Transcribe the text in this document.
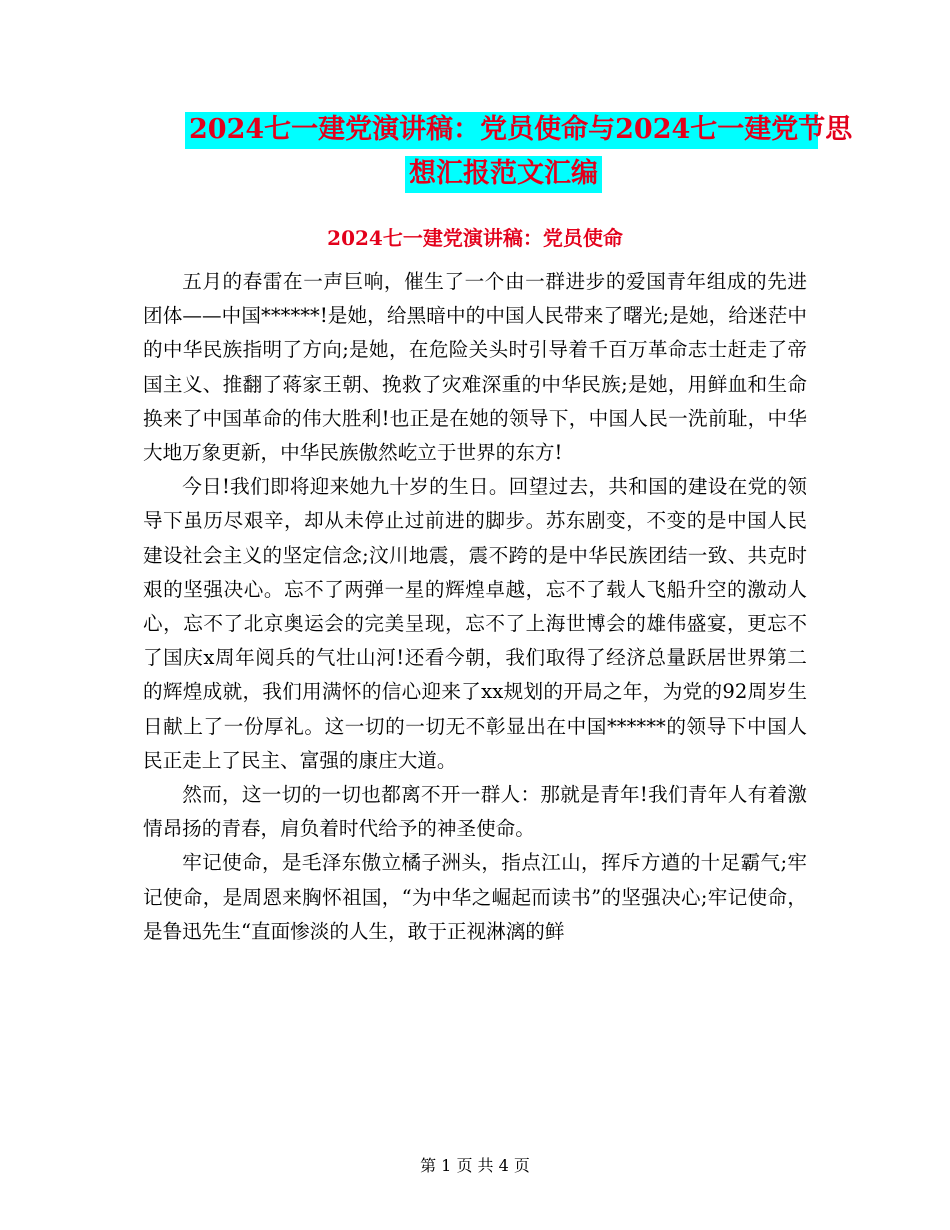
2024七一建党演讲稿：党员使命与2024七一建党节思
想汇报范文汇编
2024七一建党演讲稿：党员使命

五月的春雷在一声巨响，催生了一个由一群进步的爱国青年组成的先进团体——中国******!是她，给黑暗中的中国人民带来了曙光;是她，给迷茫中的中华民族指明了方向;是她，在危险关头时引导着千百万革命志士赶走了帝国主义、推翻了蒋家王朝、挽救了灾难深重的中华民族;是她，用鲜血和生命换来了中国革命的伟大胜利!也正是在她的领导下，中国人民一洗前耻，中华大地万象更新，中华民族傲然屹立于世界的东方!

今日!我们即将迎来她九十岁的生日。回望过去，共和国的建设在党的领导下虽历尽艰辛，却从未停止过前进的脚步。苏东剧变，不变的是中国人民建设社会主义的坚定信念;汶川地震，震不跨的是中华民族团结一致、共克时艰的坚强决心。忘不了两弹一星的辉煌卓越，忘不了载人飞船升空的激动人心，忘不了北京奥运会的完美呈现，忘不了上海世博会的雄伟盛宴，更忘不了国庆x周年阅兵的气壮山河!还看今朝，我们取得了经济总量跃居世界第二的辉煌成就，我们用满怀的信心迎来了xx规划的开局之年，为党的92周岁生日献上了一份厚礼。这一切的一切无不彰显出在中国******的领导下中国人民正走上了民主、富强的康庄大道。

然而，这一切的一切也都离不开一群人：那就是青年!我们青年人有着激情昂扬的青春，肩负着时代给予的神圣使命。

牢记使命，是毛泽东傲立橘子洲头，指点江山，挥斥方遒的十足霸气;牢记使命，是周恩来胸怀祖国，“为中华之崛起而读书”的坚强决心;牢记使命，是鲁迅先生“直面惨淡的人生，敢于正视淋漓的鲜

第 1 页 共 4 页
